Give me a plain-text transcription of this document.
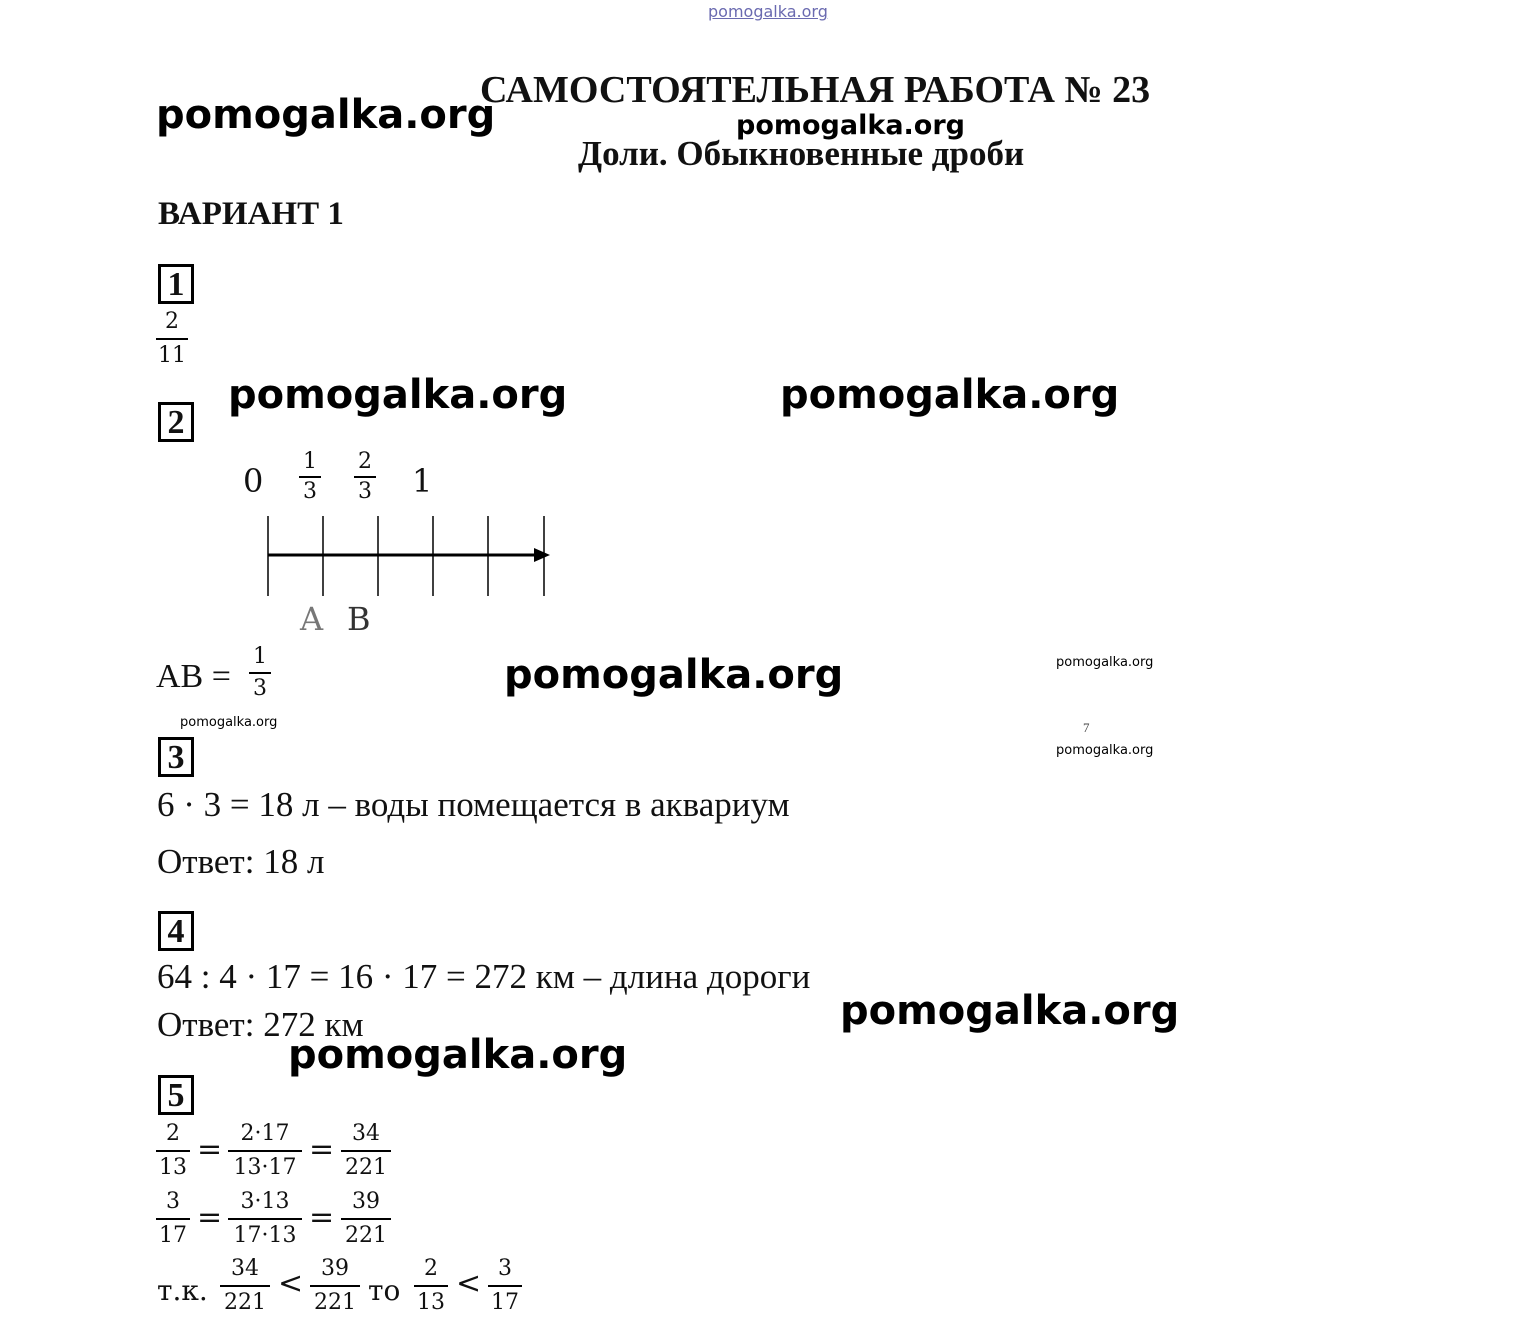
pomogalka.org
САМОСТОЯТЕЛЬНАЯ РАБОТА № 23
pomogalka.org	pomogalka.org
Доли. Обыкновенные дроби
ВАРИАНТ 1
1
2
11
pomogalka.org	pomogalka.org
2
0
1
3
2
3 1
A B
AB =
1
3	pomogalka.org	pomogalka.org
pomogalka.org	7
pomogalka.org
3
6 · 3 = 18 л – воды помещается в аквариум
Ответ: 18 л
4
64 : 4 · 17 = 16 · 17 = 272 км – длина дороги
pomogalka.org
Ответ: 272 км
pomogalka.org
5
2
13
= 2·17
13·17
= 34
221
3
17
= 3·13
17·13
= 39
221
т.к.
34
221
< 39
221 то
2
13
< 3
17
